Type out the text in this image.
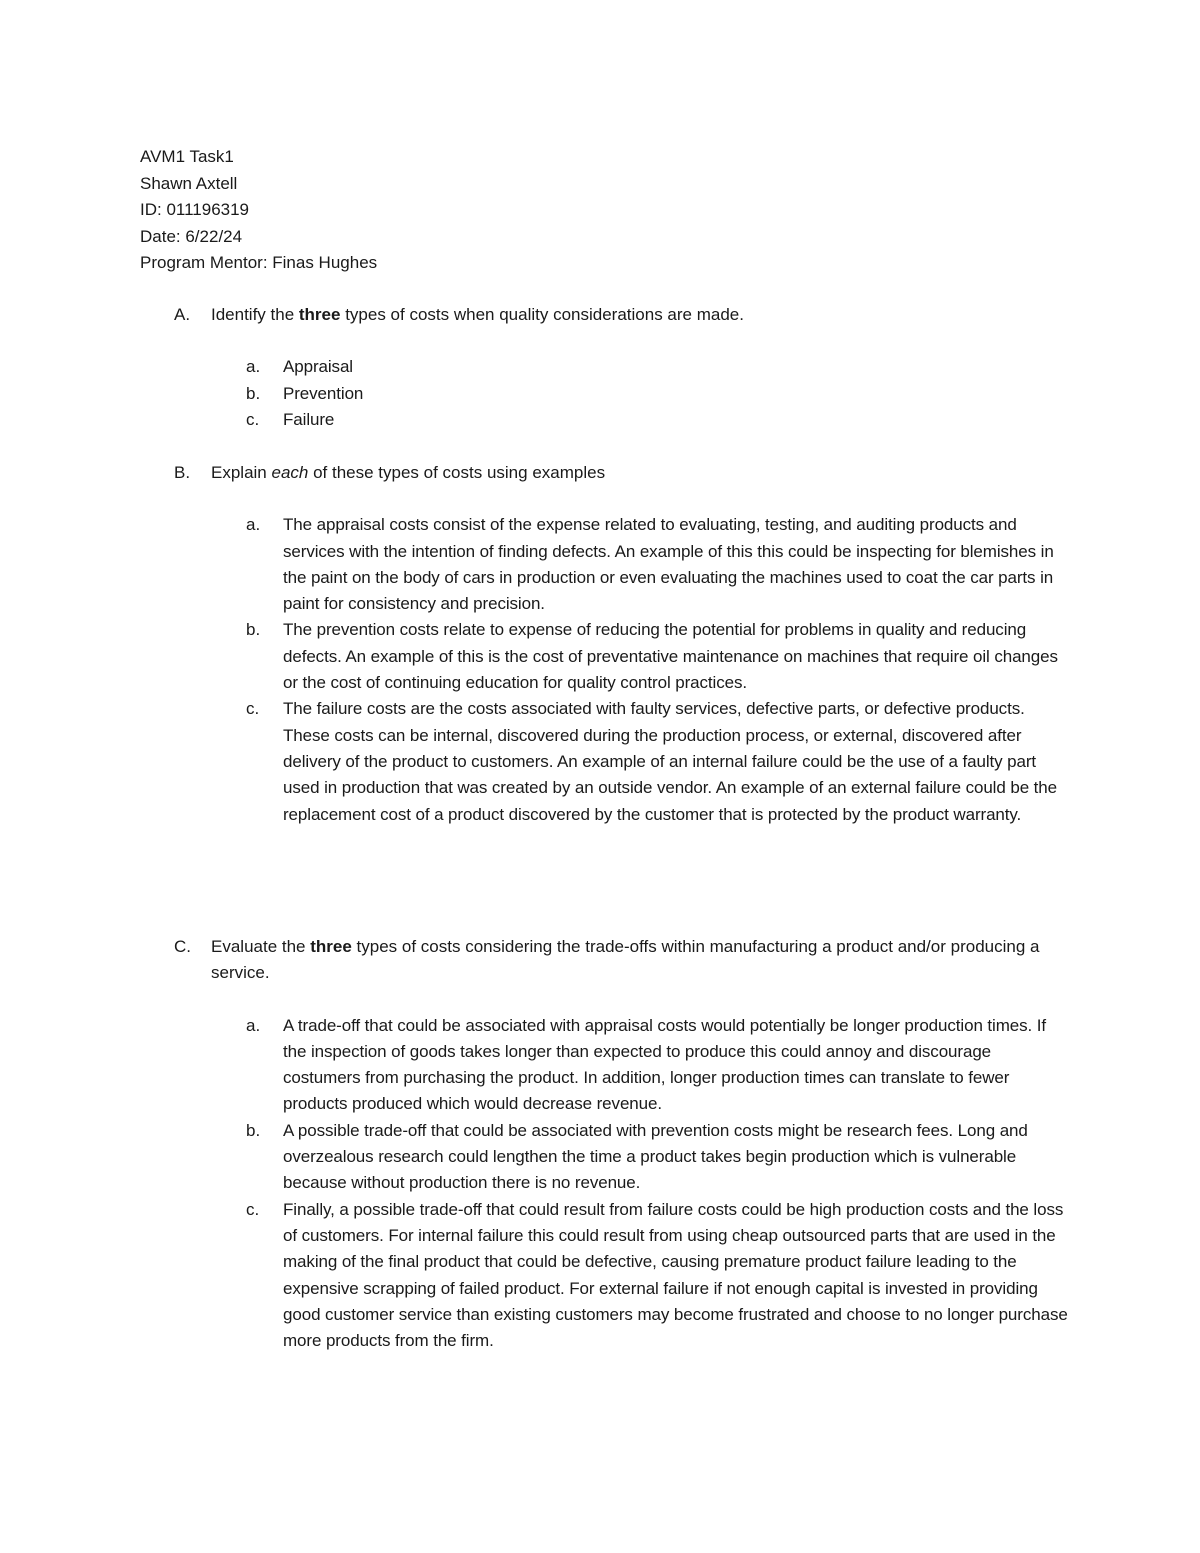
AVM1 Task1
Shawn Axtell
ID: 011196319
Date: 6/22/24
Program Mentor: Finas Hughes
A. Identify the three types of costs when quality considerations are made.
a. Appraisal
b. Prevention
c. Failure
B. Explain each of these types of costs using examples
a. The appraisal costs consist of the expense related to evaluating, testing, and auditing products and services with the intention of finding defects. An example of this this could be inspecting for blemishes in the paint on the body of cars in production or even evaluating the machines used to coat the car parts in paint for consistency and precision.
b. The prevention costs relate to expense of reducing the potential for problems in quality and reducing defects. An example of this is the cost of preventative maintenance on machines that require oil changes or the cost of continuing education for quality control practices.
c. The failure costs are the costs associated with faulty services, defective parts, or defective products. These costs can be internal, discovered during the production process, or external, discovered after delivery of the product to customers. An example of an internal failure could be the use of a faulty part used in production that was created by an outside vendor. An example of an external failure could be the replacement cost of a product discovered by the customer that is protected by the product warranty.
C. Evaluate the three types of costs considering the trade-offs within manufacturing a product and/or producing a service.
a. A trade-off that could be associated with appraisal costs would potentially be longer production times. If the inspection of goods takes longer than expected to produce this could annoy and discourage costumers from purchasing the product. In addition, longer production times can translate to fewer products produced which would decrease revenue.
b. A possible trade-off that could be associated with prevention costs might be research fees. Long and overzealous research could lengthen the time a product takes begin production which is vulnerable because without production there is no revenue.
c. Finally, a possible trade-off that could result from failure costs could be high production costs and the loss of customers. For internal failure this could result from using cheap outsourced parts that are used in the making of the final product that could be defective, causing premature product failure leading to the expensive scrapping of failed product. For external failure if not enough capital is invested in providing good customer service than existing customers may become frustrated and choose to no longer purchase more products from the firm.
